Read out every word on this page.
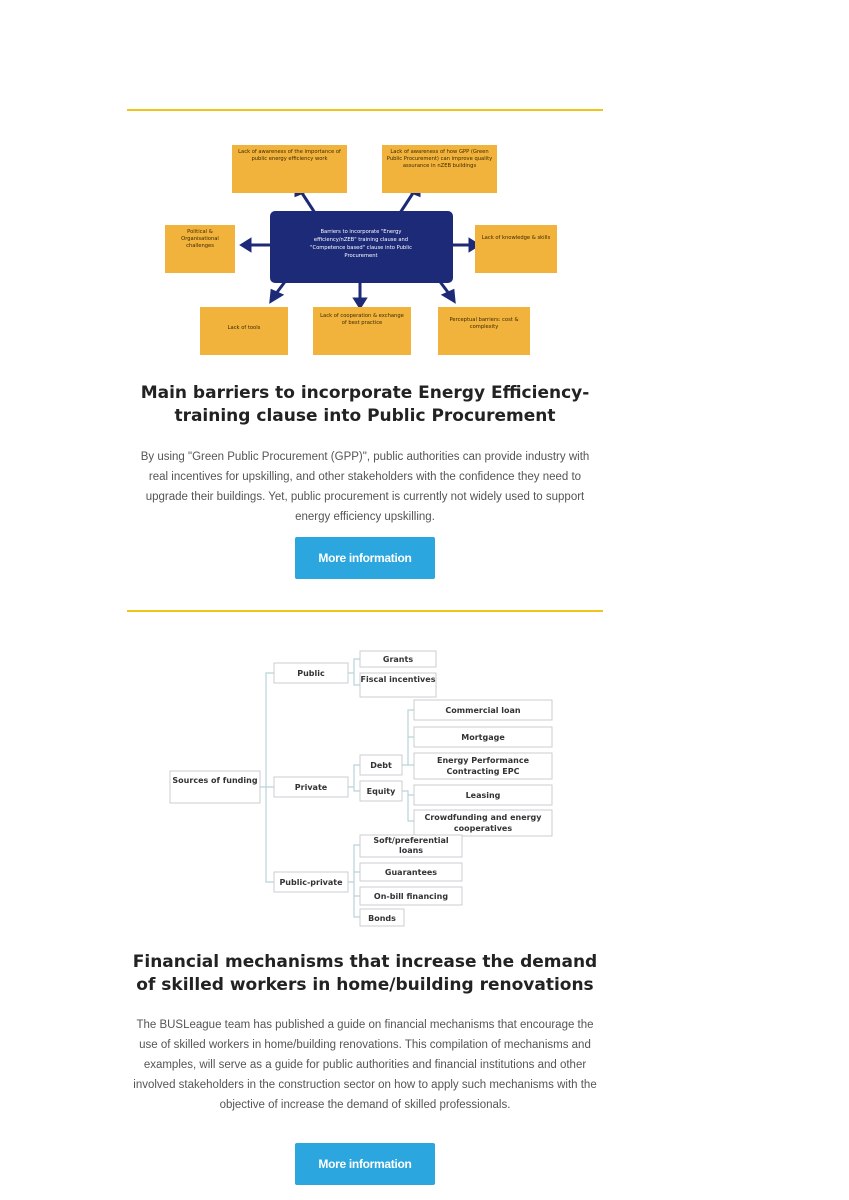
Barriers to incorporate "Energy efficiency/nZEB" training clause and "Competence based" clause into Public Procurement
Lack of awareness of the importance of public energy efficiency work
Lack of awareness of how GPP (Green Public Procurement) can improve quality assurance in nZEB buildings
Political & Organisational challenges
Lack of knowledge & skills
Lack of tools
Lack of cooperation & exchange of best practice	Perceptual barriers: cost & complexity
Main barriers to incorporate Energy Efficiency-training clause into Public Procurement

By using "Green Public Procurement (GPP)", public authorities can provide industry with real incentives for upskilling, and other stakeholders with the confidence they need to upgrade their buildings. Yet, public procurement is currently not widely used to support energy efficiency upskilling.

More information
Sources of funding
Public
Private
Public-private
Grants
Fiscal incentives
Debt
Equity
Commercial loan
Mortgage
Energy Performance Contracting EPC
Leasing
Crowdfunding and energy cooperatives
Soft/preferential loans
Guarantees
On-bill financing
Bonds
Financial mechanisms that increase the demand of skilled workers in home/building renovations

The BUSLeague team has published a guide on financial mechanisms that encourage the use of skilled workers in home/building renovations. This compilation of mechanisms and examples, will serve as a guide for public authorities and financial institutions and other involved stakeholders in the construction sector on how to apply such mechanisms with the objective of increase the demand of skilled professionals.

More information
